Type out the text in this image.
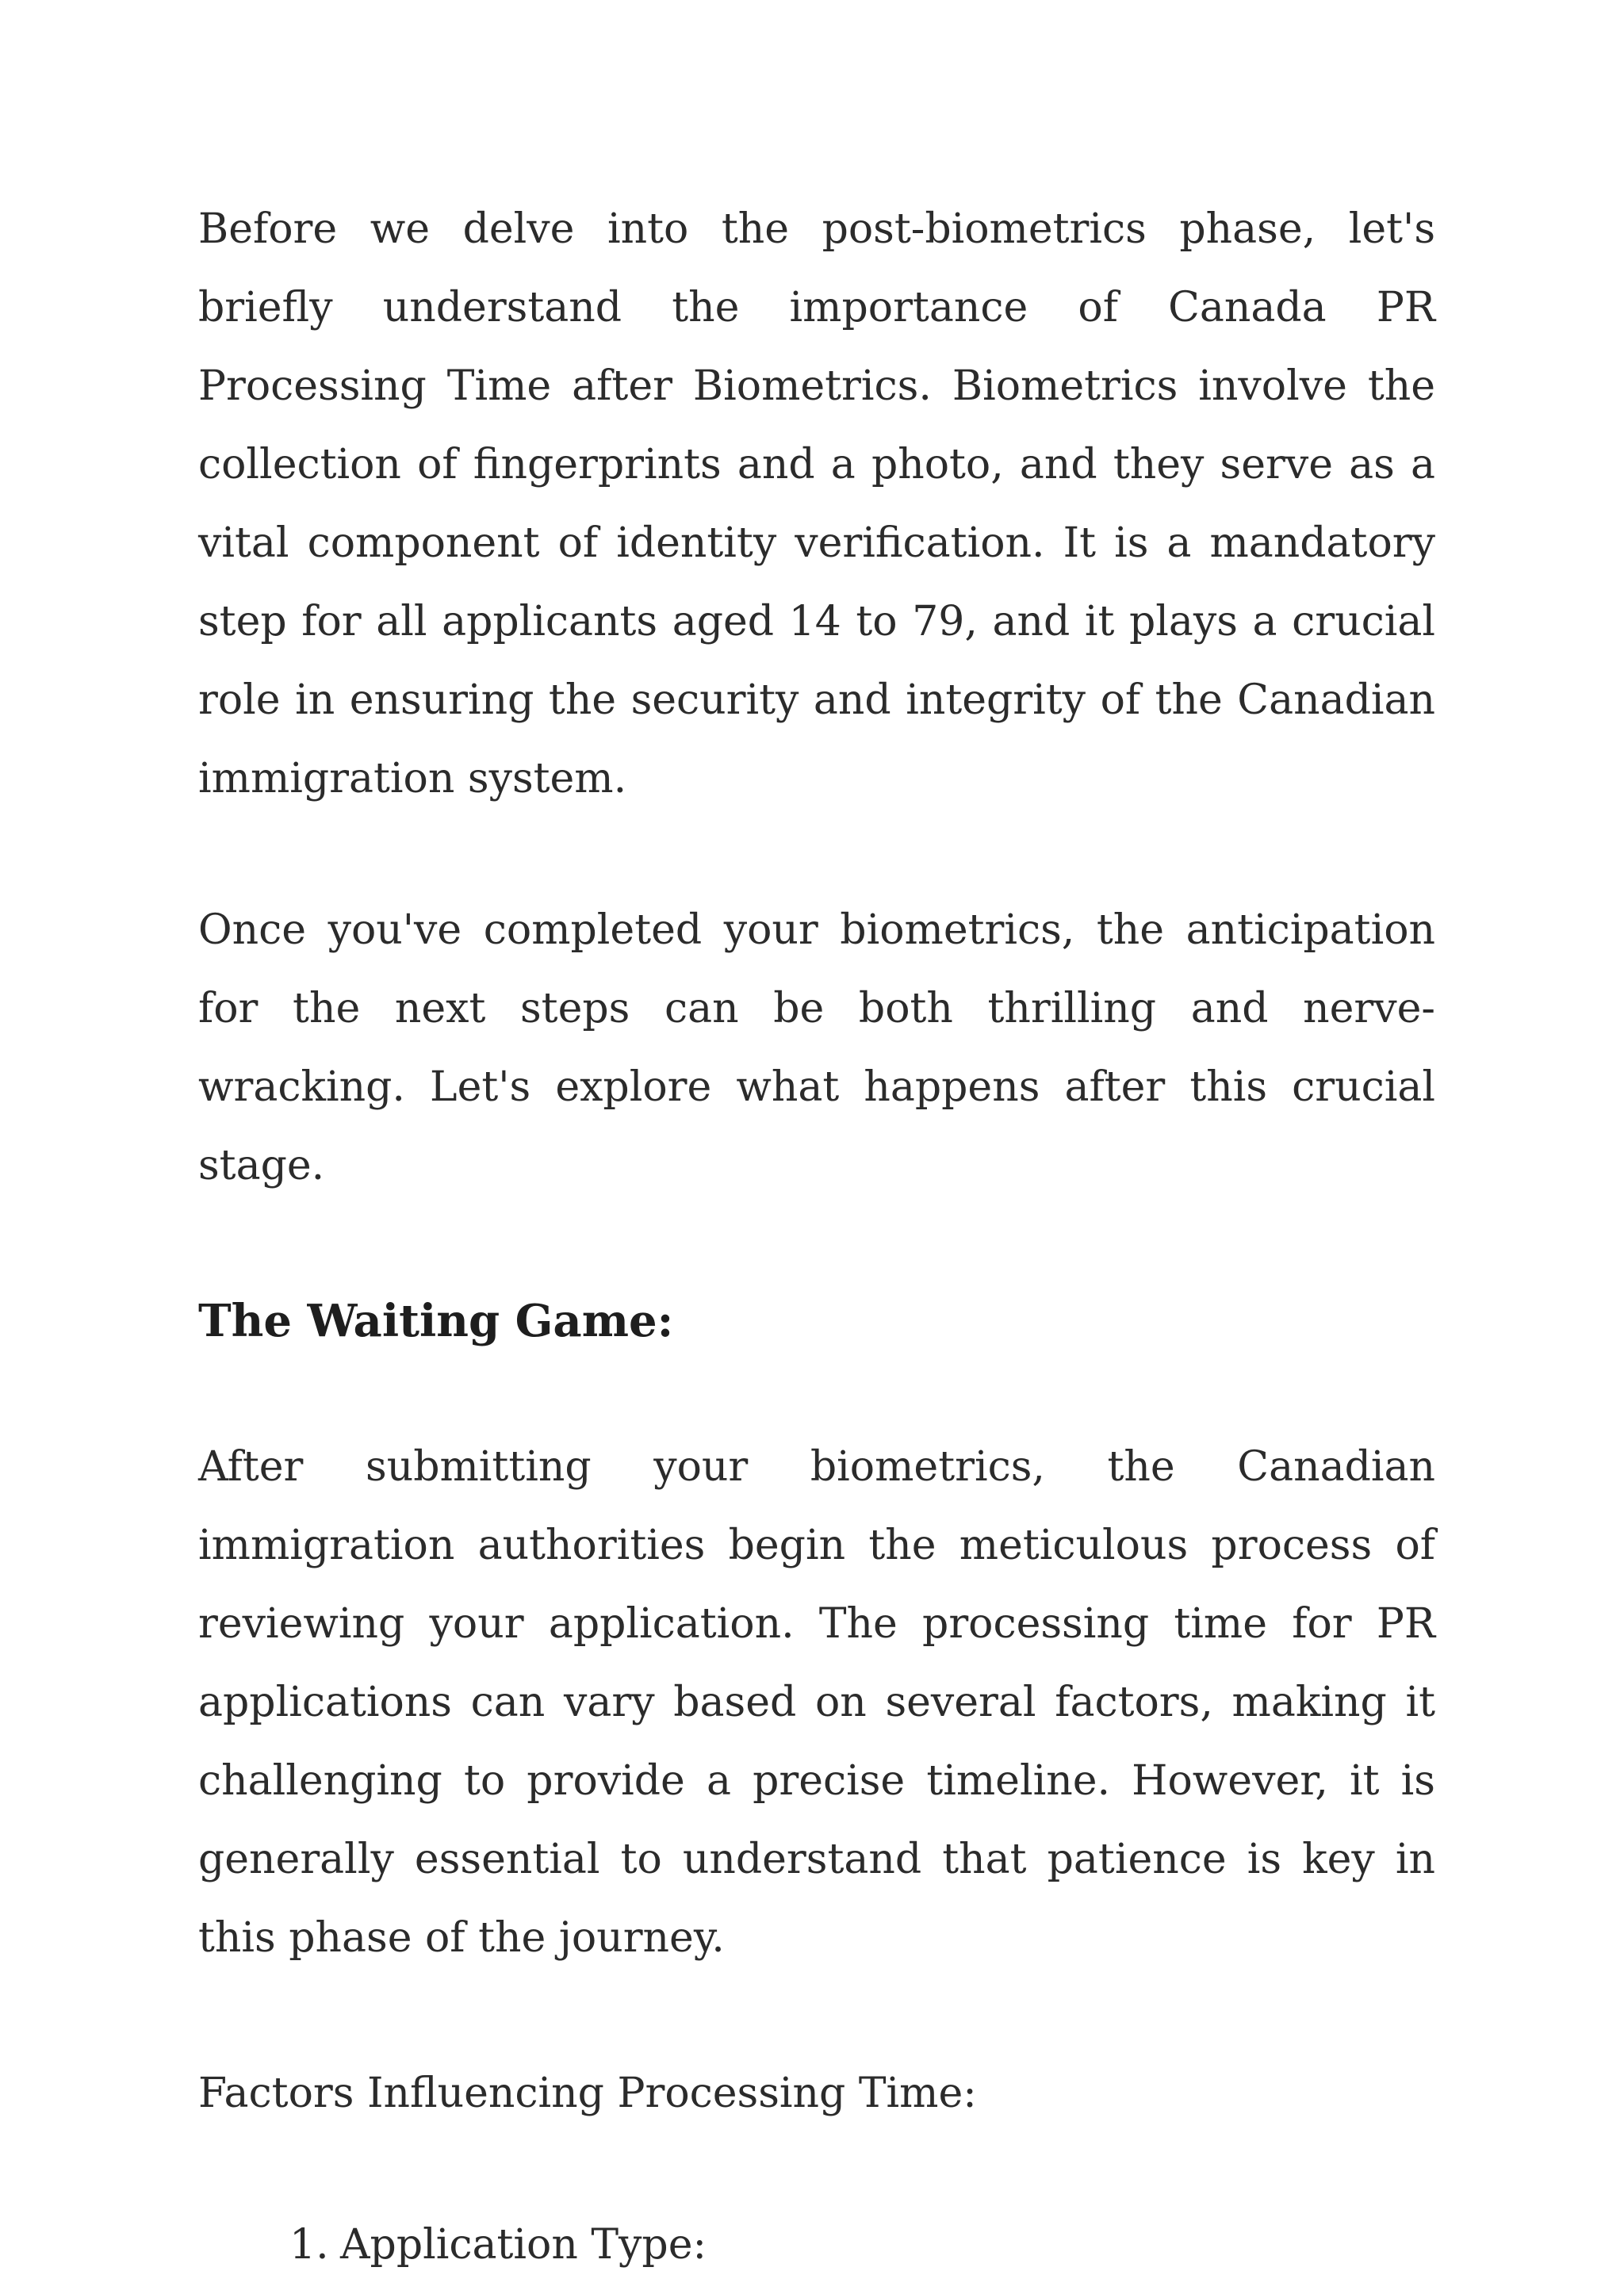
Before we delve into the post-biometrics phase, let's briefly understand the importance of Canada PR Processing Time after Biometrics. Biometrics involve the collection of fingerprints and a photo, and they serve as a vital component of identity verification. It is a mandatory step for all applicants aged 14 to 79, and it plays a crucial role in ensuring the security and integrity of the Canadian immigration system.

Once you've completed your biometrics, the anticipation for the next steps can be both thrilling and nerve-wracking. Let's explore what happens after this crucial stage.

The Waiting Game:

After submitting your biometrics, the Canadian immigration authorities begin the meticulous process of reviewing your application. The processing time for PR applications can vary based on several factors, making it challenging to provide a precise timeline. However, it is generally essential to understand that patience is key in this phase of the journey.

Factors Influencing Processing Time:

1. Application Type:
